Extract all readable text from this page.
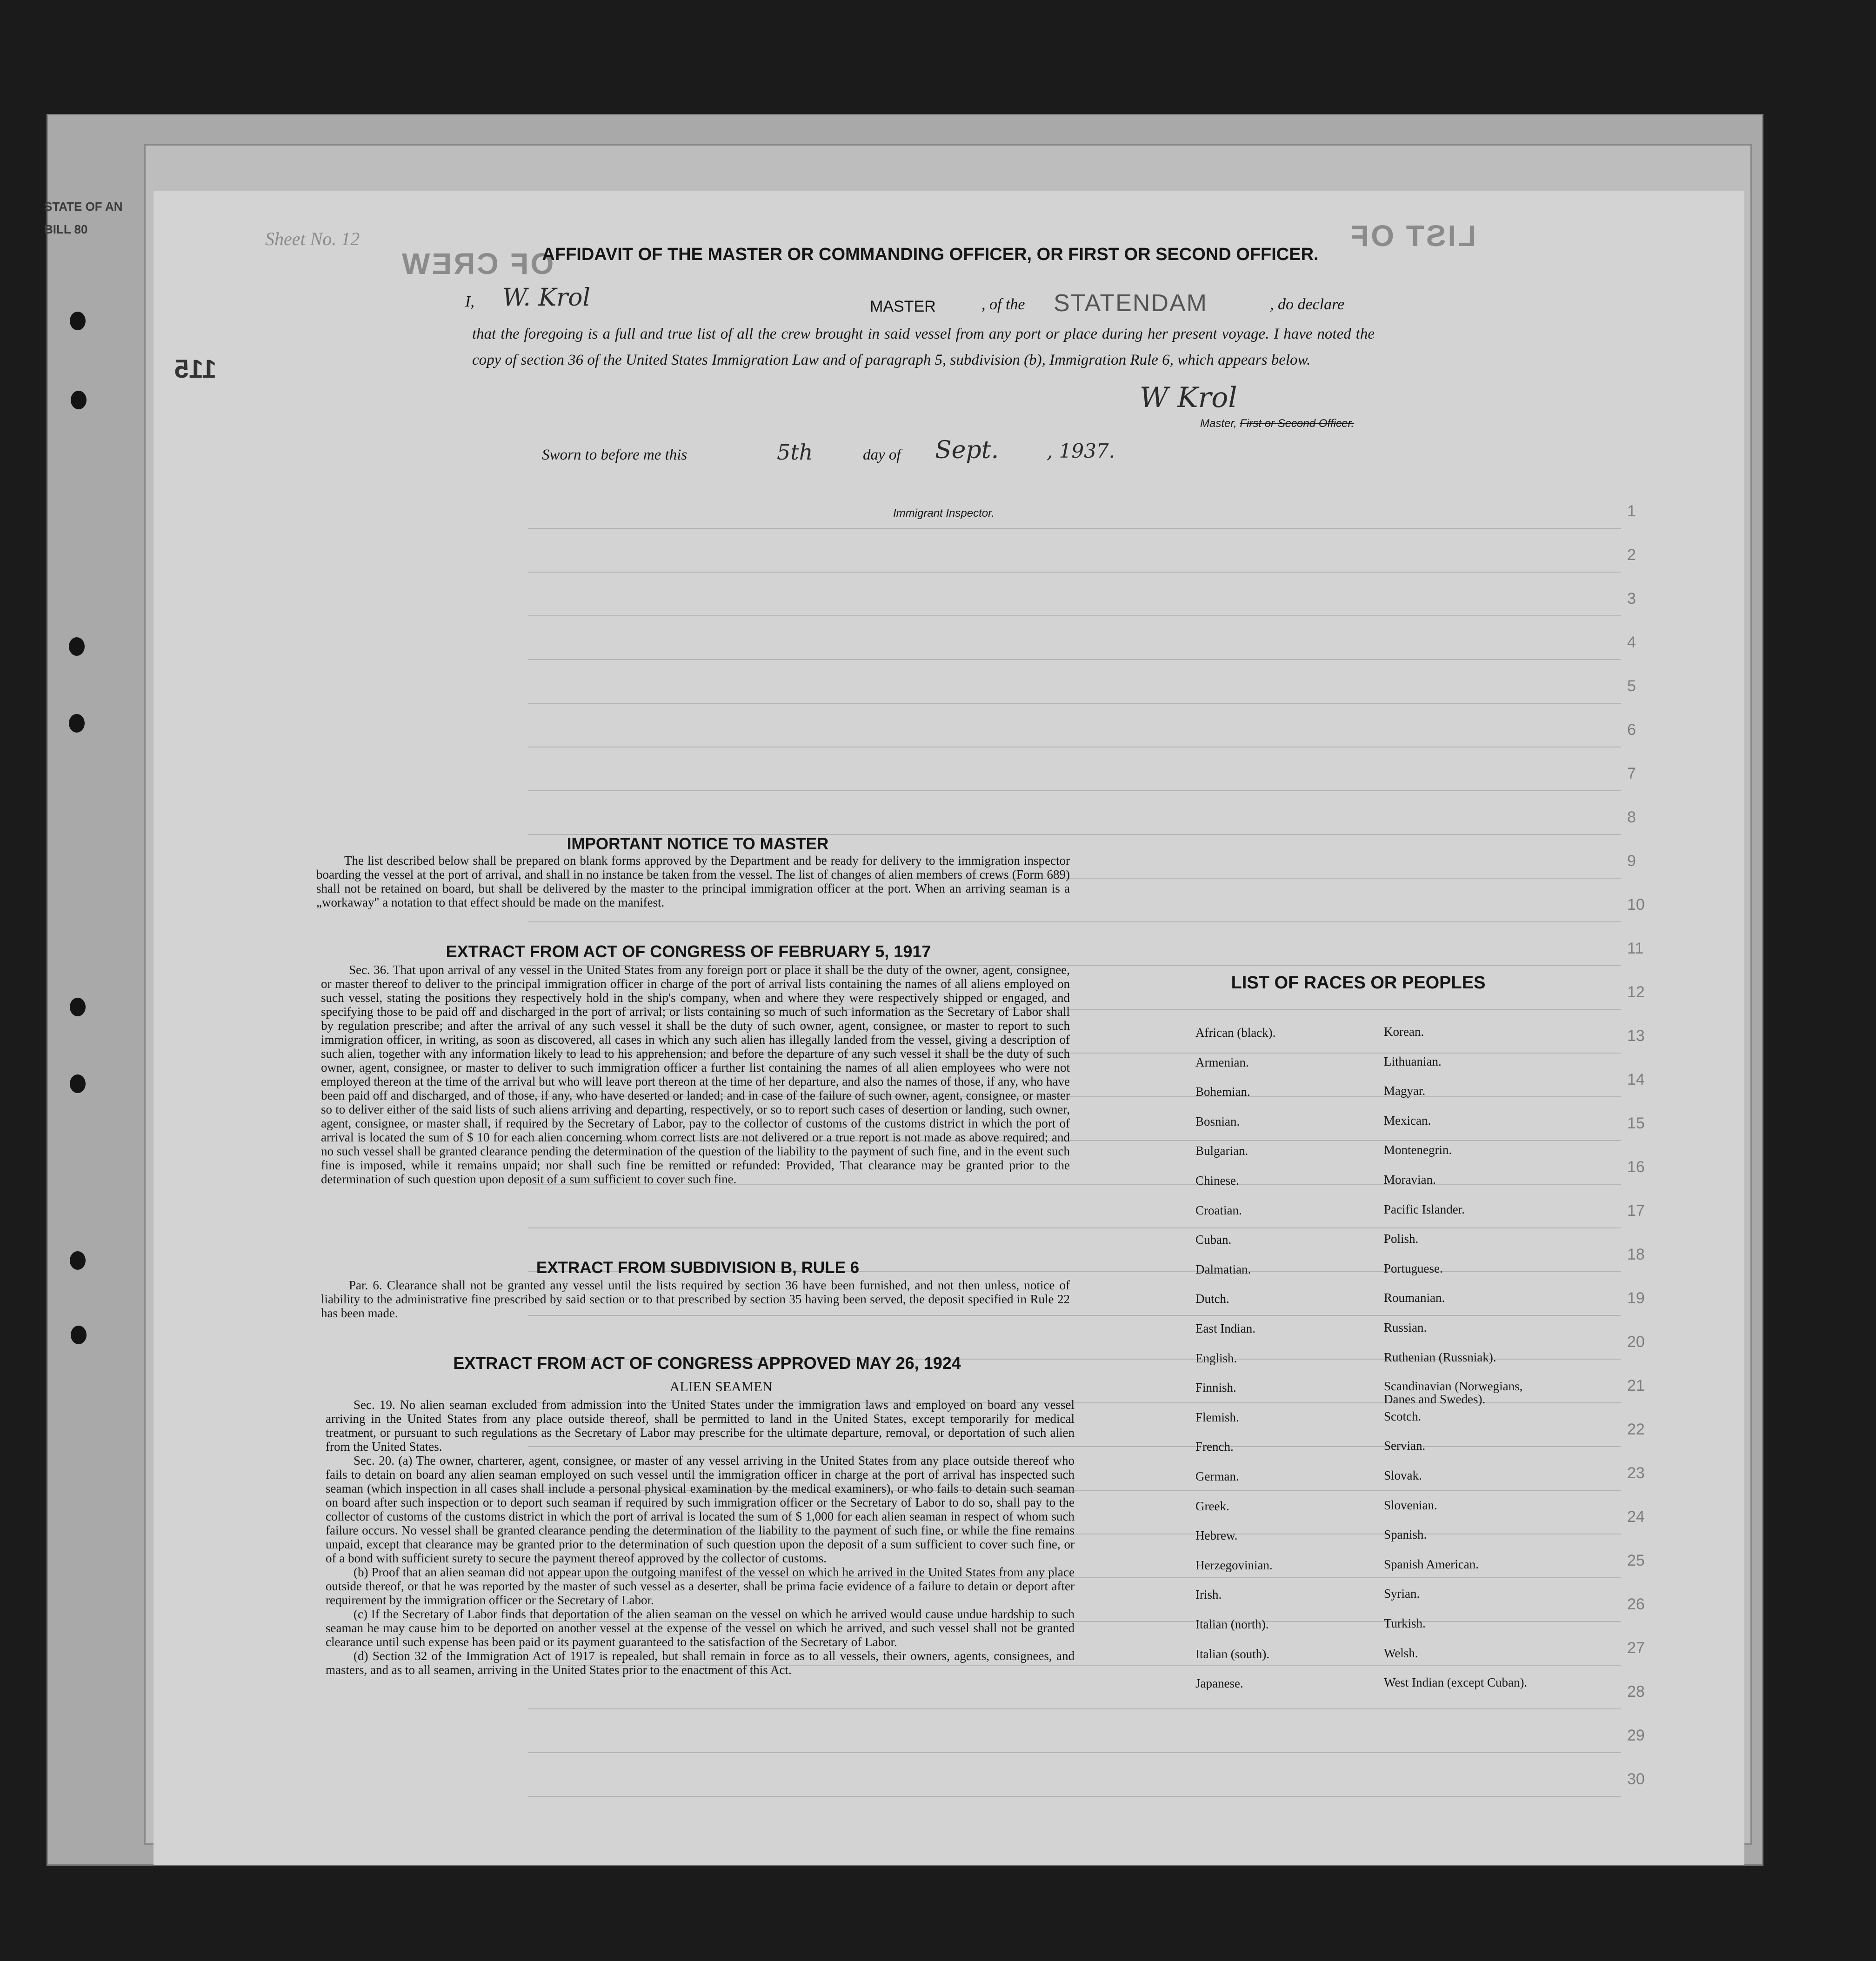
STATE OF AN
BILL 80	Sheet No. 12
OF CREW
LIST OF
115
1
2
3
4
5
6
7
8
9
10
11
12
13
14
15
16
17
18
19
20
21
22
23
24
25
26
27
28
29
30
AFFIDAVIT OF THE MASTER OR COMMANDING OFFICER, OR FIRST OR SECOND OFFICER.
I, W. Krol	MASTER	, of the STATENDAM	, do declare
that the foregoing is a full and true list of all the crew brought in said vessel from any port or place during her present voyage. I have noted the copy of section 36 of the United States Immigration Law and of paragraph 5, subdivision (b), Immigration Rule 6, which appears below.
W Krol
Master, First or Second Officer.
Sworn to before me this	5th	day of Sept. , 1937.
Immigrant Inspector.
IMPORTANT NOTICE TO MASTER
The list described below shall be prepared on blank forms approved by the Department and be ready for delivery to the immigration inspector boarding the vessel at the port of arrival, and shall in no instance be taken from the vessel. The list of changes of alien members of crews (Form 689) shall not be retained on board, but shall be delivered by the master to the principal immigration officer at the port. When an arriving seaman is a „workaway" a notation to that effect should be made on the manifest.
EXTRACT FROM ACT OF CONGRESS OF FEBRUARY 5, 1917
Sec. 36. That upon arrival of any vessel in the United States from any foreign port or place it shall be the duty of the owner, agent, consignee, or master thereof to deliver to the principal immigration officer in charge of the port of arrival lists containing the names of all aliens employed on such vessel, stating the positions they respectively hold in the ship's company, when and where they were respectively shipped or engaged, and specifying those to be paid off and discharged in the port of arrival; or lists containing so much of such information as the Secretary of Labor shall by regulation prescribe; and after the arrival of any such vessel it shall be the duty of such owner, agent, consignee, or master to report to such immigration officer, in writing, as soon as discovered, all cases in which any such alien has illegally landed from the vessel, giving a description of such alien, together with any information likely to lead to his apprehension; and before the departure of any such vessel it shall be the duty of such owner, agent, consignee, or master to deliver to such immigration officer a further list containing the names of all alien employees who were not employed thereon at the time of the arrival but who will leave port thereon at the time of her departure, and also the names of those, if any, who have been paid off and discharged, and of those, if any, who have deserted or landed; and in case of the failure of such owner, agent, consignee, or master so to deliver either of the said lists of such aliens arriving and departing, respectively, or so to report such cases of desertion or landing, such owner, agent, consignee, or master shall, if required by the Secretary of Labor, pay to the collector of customs of the customs district in which the port of arrival is located the sum of $ 10 for each alien concerning whom correct lists are not delivered or a true report is not made as above required; and no such vessel shall be granted clearance pending the determination of the question of the liability to the payment of such fine, and in the event such fine is imposed, while it remains unpaid; nor shall such fine be remitted or refunded: Provided, That clearance may be granted prior to the determination of such question upon deposit of a sum sufficient to cover such fine.
EXTRACT FROM SUBDIVISION B, RULE 6
Par. 6. Clearance shall not be granted any vessel until the lists required by section 36 have been furnished, and not then unless, notice of liability to the administrative fine prescribed by said section or to that prescribed by section 35 having been served, the deposit specified in Rule 22 has been made.
EXTRACT FROM ACT OF CONGRESS APPROVED MAY 26, 1924
ALIEN SEAMEN

Sec. 19. No alien seaman excluded from admission into the United States under the immigration laws and employed on board any vessel arriving in the United States from any place outside thereof, shall be permitted to land in the United States, except temporarily for medical treatment, or pursuant to such regulations as the Secretary of Labor may prescribe for the ultimate departure, removal, or deportation of such alien from the United States.

Sec. 20. (a) The owner, charterer, agent, consignee, or master of any vessel arriving in the United States from any place outside thereof who fails to detain on board any alien seaman employed on such vessel until the immigration officer in charge at the port of arrival has inspected such seaman (which inspection in all cases shall include a personal physical examination by the medical examiners), or who fails to detain such seaman on board after such inspection or to deport such seaman if required by such immigration officer or the Secretary of Labor to do so, shall pay to the collector of customs of the customs district in which the port of arrival is located the sum of $ 1,000 for each alien seaman in respect of whom such failure occurs. No vessel shall be granted clearance pending the determination of the liability to the payment of such fine, or while the fine remains unpaid, except that clearance may be granted prior to the determination of such question upon the deposit of a sum sufficient to cover such fine, or of a bond with sufficient surety to secure the payment thereof approved by the collector of customs.

(b) Proof that an alien seaman did not appear upon the outgoing manifest of the vessel on which he arrived in the United States from any place outside thereof, or that he was reported by the master of such vessel as a deserter, shall be prima facie evidence of a failure to detain or deport after requirement by the immigration officer or the Secretary of Labor.

(c) If the Secretary of Labor finds that deportation of the alien seaman on the vessel on which he arrived would cause undue hardship to such seaman he may cause him to be deported on another vessel at the expense of the vessel on which he arrived, and such vessel shall not be granted clearance until such expense has been paid or its payment guaranteed to the satisfaction of the Secretary of Labor.

(d) Section 32 of the Immigration Act of 1917 is repealed, but shall remain in force as to all vessels, their owners, agents, consignees, and masters, and as to all seamen, arriving in the United States prior to the enactment of this Act.

LIST OF RACES OR PEOPLES
African (black).
Armenian.
Bohemian.
Bosnian.
Bulgarian.
Chinese.
Croatian.
Cuban.
Dalmatian.
Dutch.
East Indian.
English.
Finnish.
Flemish.
French.
German.
Greek.
Hebrew.
Herzegovinian.
Irish.
Italian (north).
Italian (south).
Japanese.
Korean.
Lithuanian.
Magyar.
Mexican.
Montenegrin.
Moravian.
Pacific Islander.
Polish.
Portuguese.
Roumanian.
Russian.
Ruthenian (Russniak).
Scandinavian (Norwegians, Danes and Swedes).
Scotch.
Servian.
Slovak.
Slovenian.
Spanish.
Spanish American.
Syrian.
Turkish.
Welsh.
West Indian (except Cuban).
